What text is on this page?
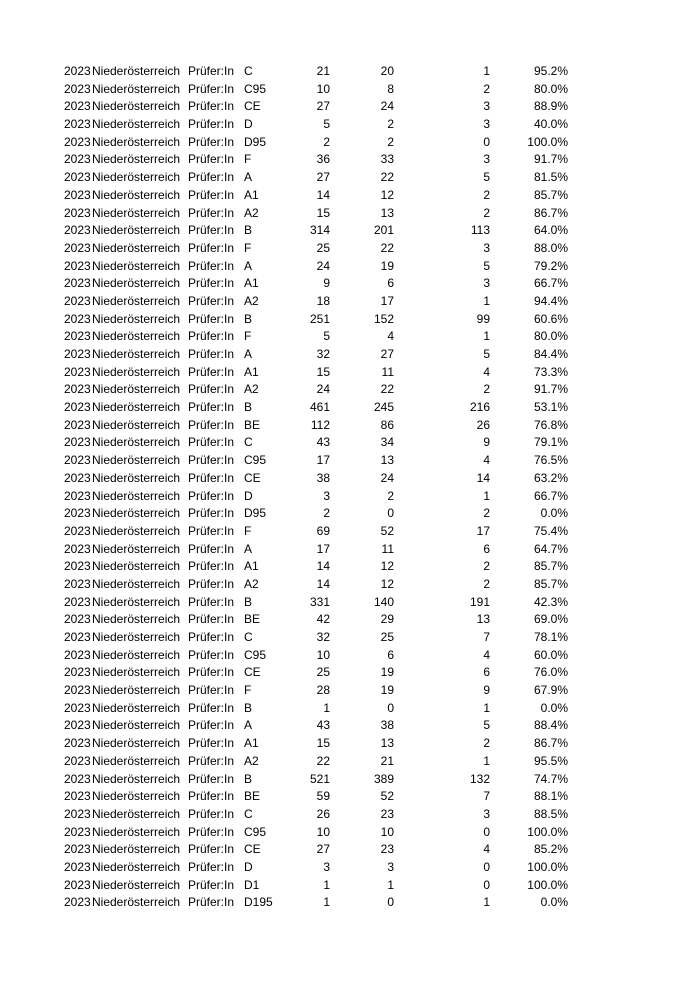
2023 Niederösterreich Prüfer:In C	21	20	1	95.2%
2023 Niederösterreich Prüfer:In C95	10	8	2	80.0%
2023 Niederösterreich Prüfer:In CE	27	24	3	88.9%
2023 Niederösterreich Prüfer:In D	5	2	3	40.0%
2023 Niederösterreich Prüfer:In D95	2	2	0	100.0%
2023 Niederösterreich Prüfer:In F	36	33	3	91.7%
2023 Niederösterreich Prüfer:In A	27	22	5	81.5%
2023 Niederösterreich Prüfer:In A1	14	12	2	85.7%
2023 Niederösterreich Prüfer:In A2	15	13	2	86.7%
2023 Niederösterreich Prüfer:In B	314	201	113	64.0%
2023 Niederösterreich Prüfer:In F	25	22	3	88.0%
2023 Niederösterreich Prüfer:In A	24	19	5	79.2%
2023 Niederösterreich Prüfer:In A1	9	6	3	66.7%
2023 Niederösterreich Prüfer:In A2	18	17	1	94.4%
2023 Niederösterreich Prüfer:In B	251	152	99	60.6%
2023 Niederösterreich Prüfer:In F	5	4	1	80.0%
2023 Niederösterreich Prüfer:In A	32	27	5	84.4%
2023 Niederösterreich Prüfer:In A1	15	11	4	73.3%
2023 Niederösterreich Prüfer:In A2	24	22	2	91.7%
2023 Niederösterreich Prüfer:In B	461	245	216	53.1%
2023 Niederösterreich Prüfer:In BE	112	86	26	76.8%
2023 Niederösterreich Prüfer:In C	43	34	9	79.1%
2023 Niederösterreich Prüfer:In C95	17	13	4	76.5%
2023 Niederösterreich Prüfer:In CE	38	24	14	63.2%
2023 Niederösterreich Prüfer:In D	3	2	1	66.7%
2023 Niederösterreich Prüfer:In D95	2	0	2	0.0%
2023 Niederösterreich Prüfer:In F	69	52	17	75.4%
2023 Niederösterreich Prüfer:In A	17	11	6	64.7%
2023 Niederösterreich Prüfer:In A1	14	12	2	85.7%
2023 Niederösterreich Prüfer:In A2	14	12	2	85.7%
2023 Niederösterreich Prüfer:In B	331	140	191	42.3%
2023 Niederösterreich Prüfer:In BE	42	29	13	69.0%
2023 Niederösterreich Prüfer:In C	32	25	7	78.1%
2023 Niederösterreich Prüfer:In C95	10	6	4	60.0%
2023 Niederösterreich Prüfer:In CE	25	19	6	76.0%
2023 Niederösterreich Prüfer:In F	28	19	9	67.9%
2023 Niederösterreich Prüfer:In B	1	0	1	0.0%
2023 Niederösterreich Prüfer:In A	43	38	5	88.4%
2023 Niederösterreich Prüfer:In A1	15	13	2	86.7%
2023 Niederösterreich Prüfer:In A2	22	21	1	95.5%
2023 Niederösterreich Prüfer:In B	521	389	132	74.7%
2023 Niederösterreich Prüfer:In BE	59	52	7	88.1%
2023 Niederösterreich Prüfer:In C	26	23	3	88.5%
2023 Niederösterreich Prüfer:In C95	10	10	0	100.0%
2023 Niederösterreich Prüfer:In CE	27	23	4	85.2%
2023 Niederösterreich Prüfer:In D	3	3	0	100.0%
2023 Niederösterreich Prüfer:In D1	1	1	0	100.0%
2023 Niederösterreich Prüfer:In D195	1	0	1	0.0%
